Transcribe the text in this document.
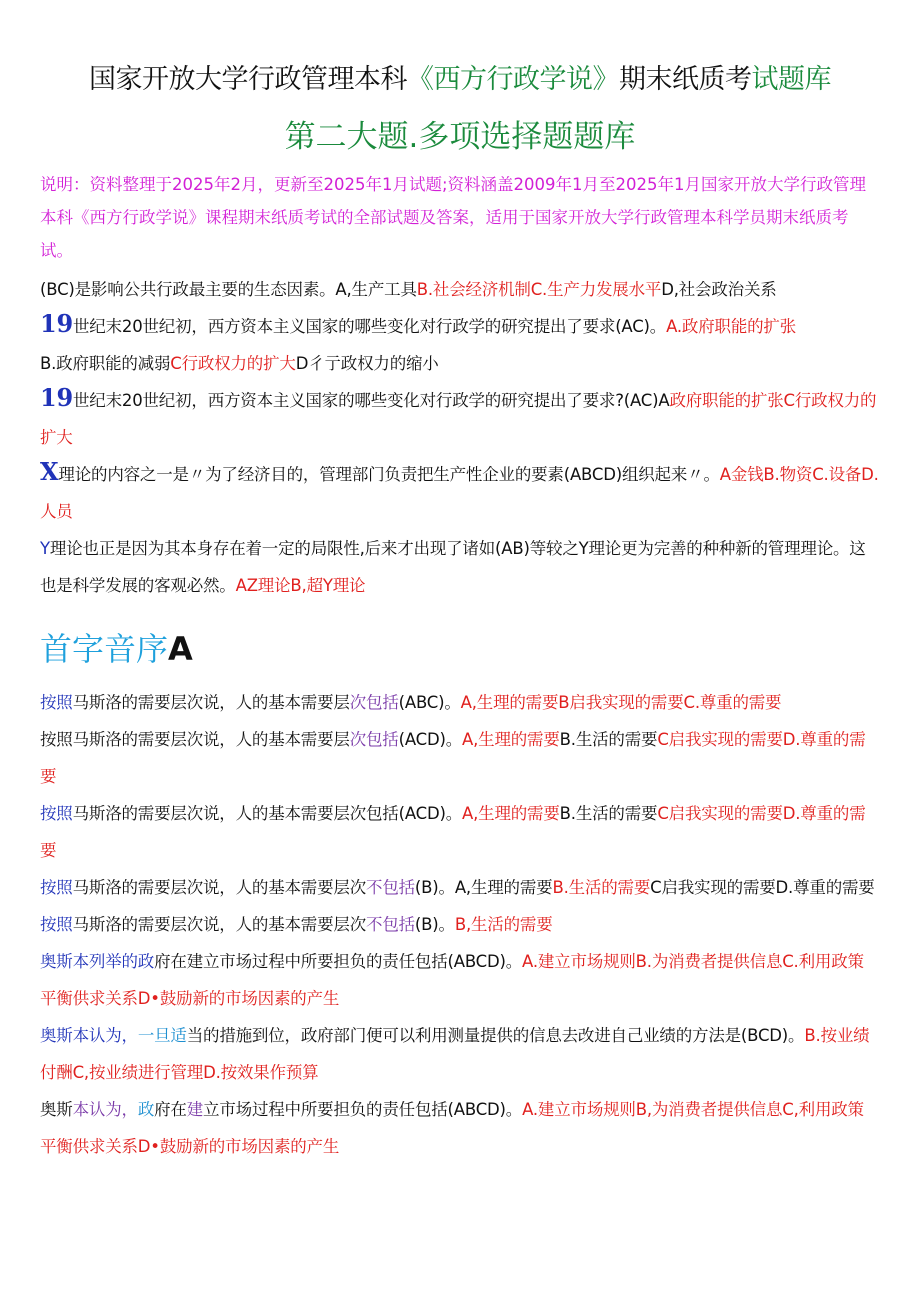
国家开放大学行政管理本科《西方行政学说》期末纸质考试题库
第二大题.多项选择题题库

说明：资料整理于2025年2月，更新至2025年1月试题;资料涵盖2009年1月至2025年1月国家开放大学行政管理本科《西方行政学说》课程期末纸质考试的全部试题及答案，适用于国家开放大学行政管理本科学员期末纸质考试。

(BC)是影响公共行政最主要的生态因素。A,生产工具B.社会经济机制C.生产力发展水平D,社会政治关系

19世纪末20世纪初，西方资本主义国家的哪些变化对行政学的研究提出了要求(AC)。A.政府职能的扩张
B.政府职能的减弱C行政权力的扩大D彳亍政权力的缩小

19世纪末20世纪初，西方资本主义国家的哪些变化对行政学的研究提出了要求?(AC)A政府职能的扩张C行政权力的扩大

X理论的内容之一是〃为了经济目的，管理部门负责把生产性企业的要素(ABCD)组织起来〃。A金钱B.物资C.设备D.人员

Y理论也正是因为其本身存在着一定的局限性,后来才出现了诸如(AB)等较之Y理论更为完善的种种新的管理理论。这也是科学发展的客观必然。AZ理论B,超Y理论

首字音序A

按照马斯洛的需要层次说，人的基本需要层次包括(ABC)。A,生理的需要B启我实现的需要C.尊重的需要

按照马斯洛的需要层次说，人的基本需要层次包括(ACD)。A,生理的需要B.生活的需要C启我实现的需要D.尊重的需要

按照马斯洛的需要层次说，人的基本需要层次包括(ACD)。A,生理的需要B.生活的需要C启我实现的需要D.尊重的需要

按照马斯洛的需要层次说，人的基本需要层次不包括(B)。A,生理的需要B.生活的需要C启我实现的需要D.尊重的需要

按照马斯洛的需要层次说，人的基本需要层次不包括(B)。B,生活的需要

奥斯本列举的政府在建立市场过程中所要担负的责任包括(ABCD)。A.建立市场规则B.为消费者提供信息C.利用政策平衡供求关系D•鼓励新的市场因素的产生

奥斯本认为，一旦适当的措施到位，政府部门便可以利用测量提供的信息去改进自己业绩的方法是(BCD)。B.按业绩付酬C,按业绩进行管理D.按效果作预算

奥斯本认为，政府在建立市场过程中所要担负的责任包括(ABCD)。A.建立市场规则B,为消费者提供信息C,利用政策平衡供求关系D•鼓励新的市场因素的产生
